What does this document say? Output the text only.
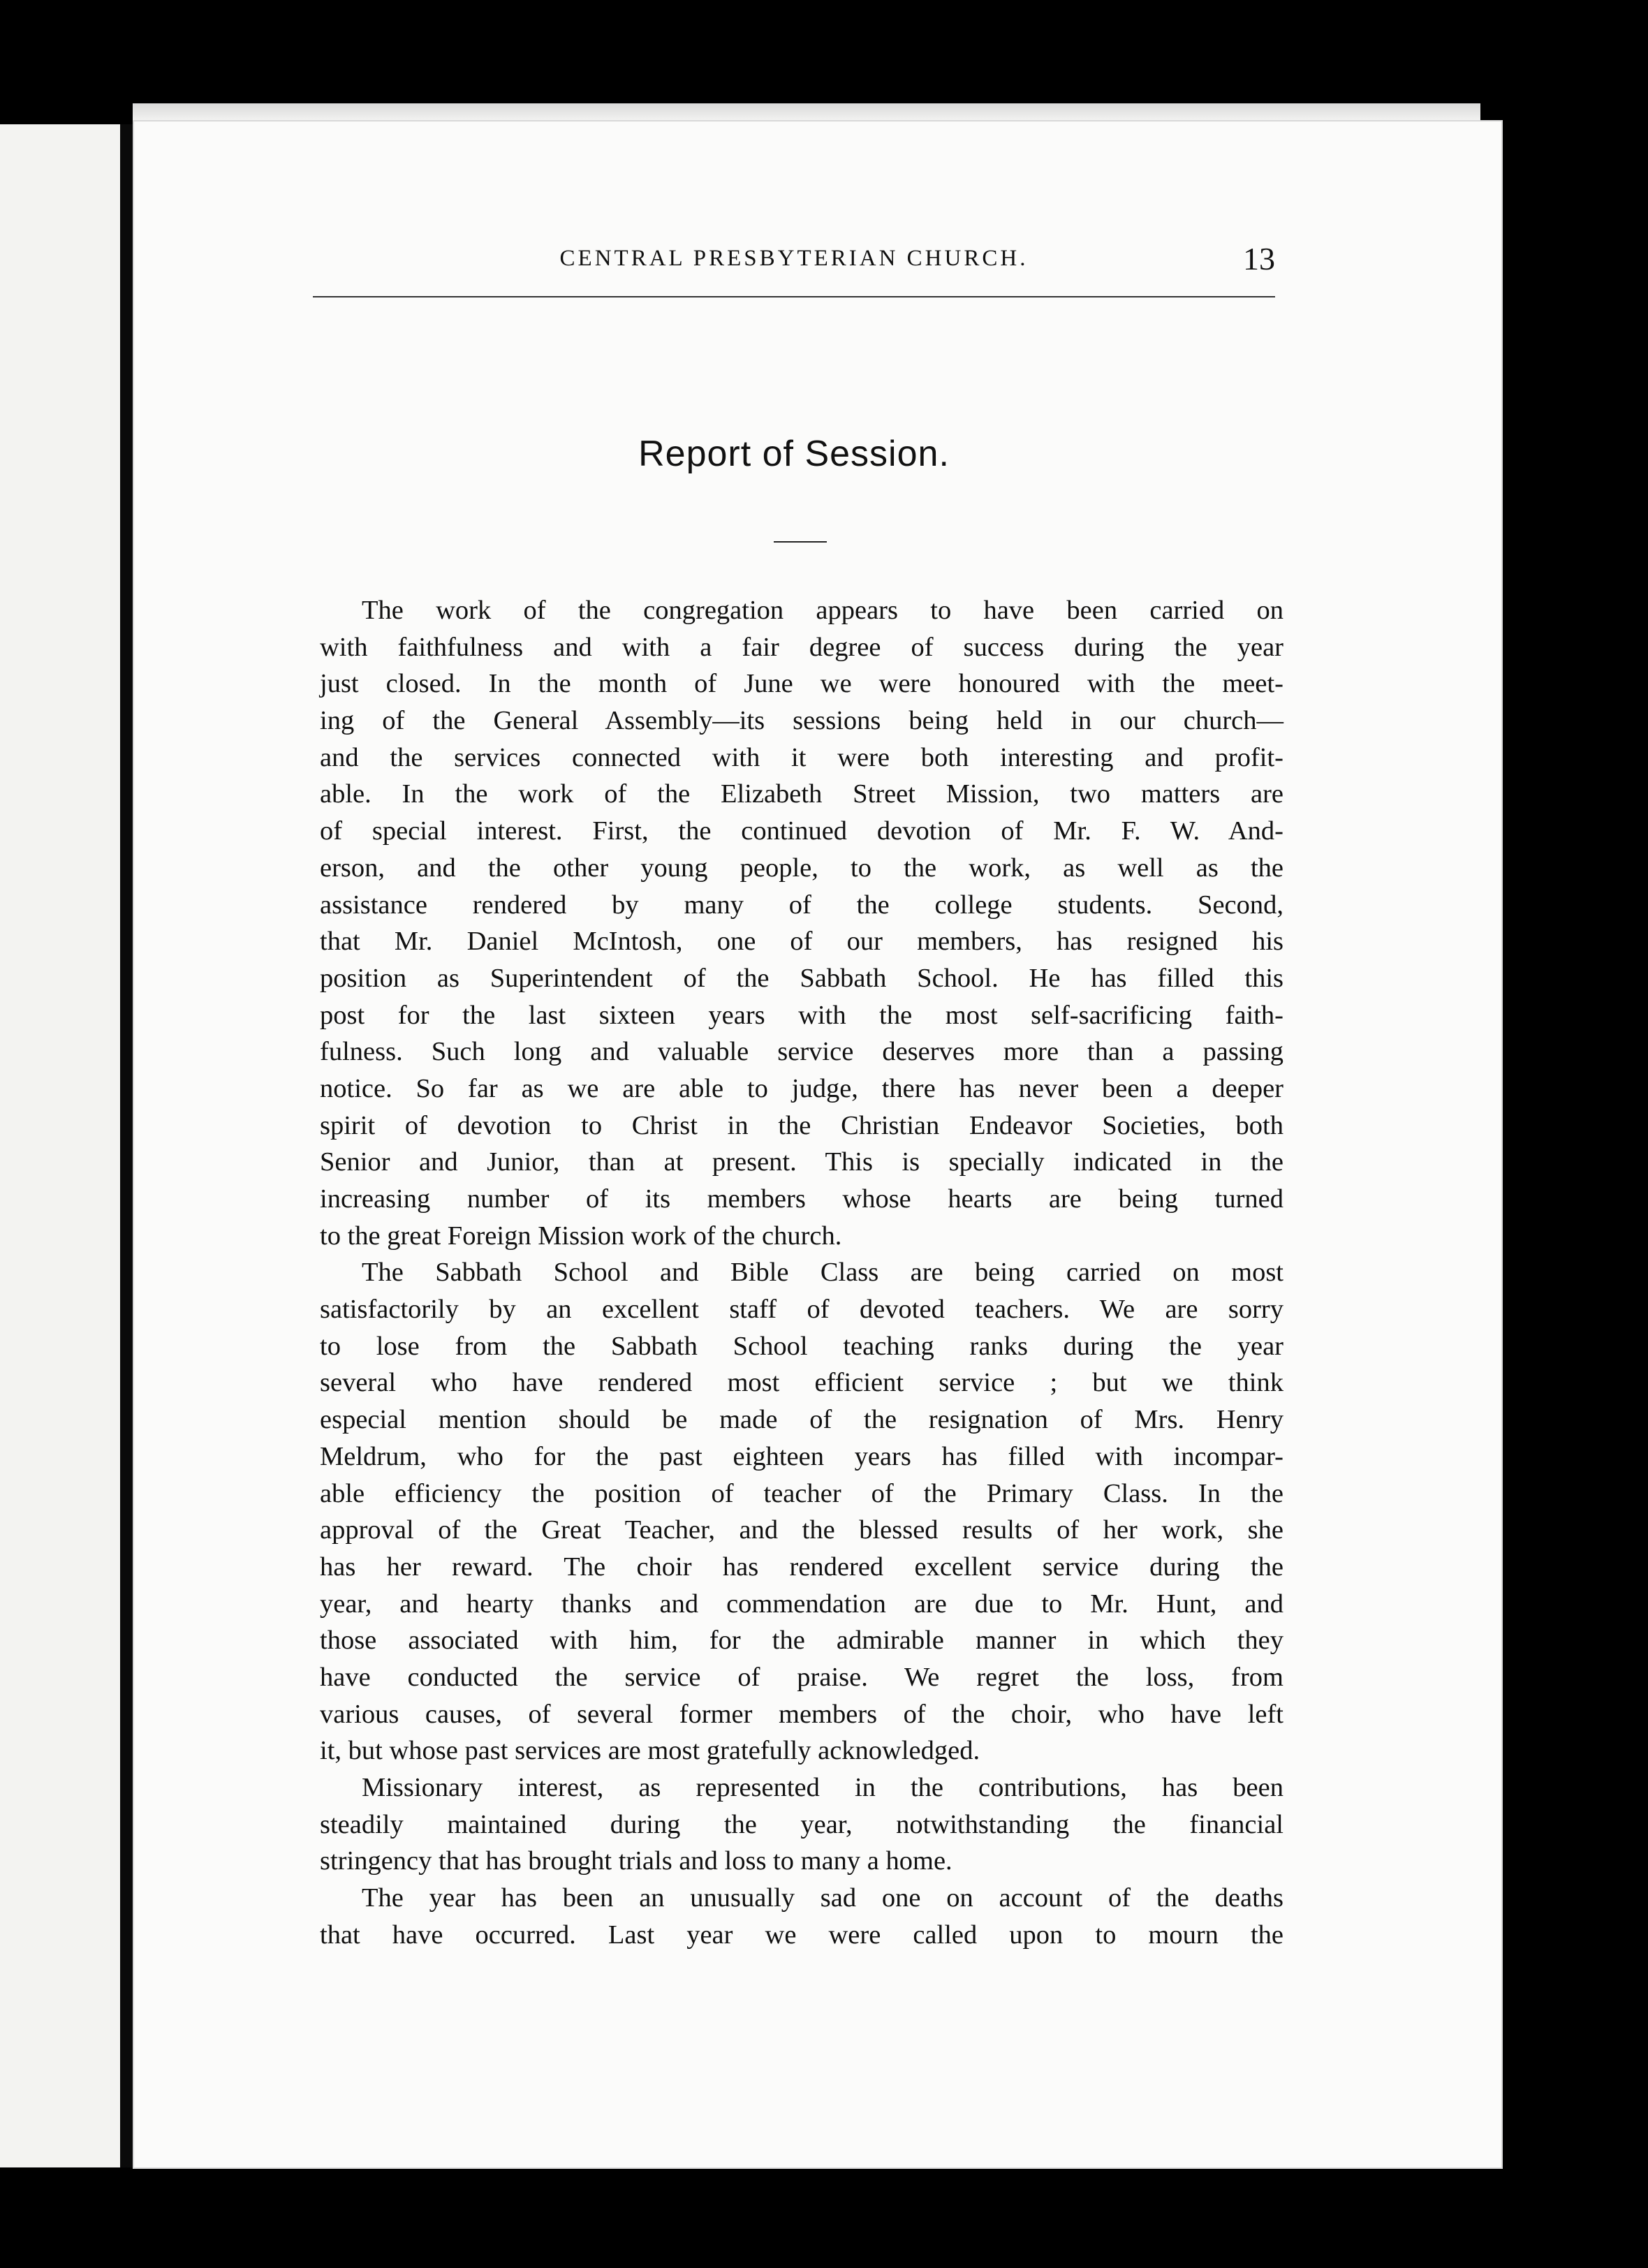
CENTRAL PRESBYTERIAN CHURCH.	13
Report of Session.
The work of the congregation appears to have been carried on
with faithfulness and with a fair degree of success during the year
just closed. In the month of June we were honoured with the meet-
ing of the General Assembly—its sessions being held in our church—
and the services connected with it were both interesting and profit-
able. In the work of the Elizabeth Street Mission, two matters are
of special interest. First, the continued devotion of Mr. F. W. And-
erson, and the other young people, to the work, as well as the
assistance rendered by many of the college students. Second,
that Mr. Daniel McIntosh, one of our members, has resigned his
position as Superintendent of the Sabbath School. He has filled this
post for the last sixteen years with the most self-sacrificing faith-
fulness. Such long and valuable service deserves more than a passing
notice. So far as we are able to judge, there has never been a deeper
spirit of devotion to Christ in the Christian Endeavor Societies, both
Senior and Junior, than at present. This is specially indicated in the
increasing number of its members whose hearts are being turned
to the great Foreign Mission work of the church.
The Sabbath School and Bible Class are being carried on most
satisfactorily by an excellent staff of devoted teachers. We are sorry
to lose from the Sabbath School teaching ranks during the year
several who have rendered most efficient service ; but we think
especial mention should be made of the resignation of Mrs. Henry
Meldrum, who for the past eighteen years has filled with incompar-
able efficiency the position of teacher of the Primary Class. In the
approval of the Great Teacher, and the blessed results of her work, she
has her reward. The choir has rendered excellent service during the
year, and hearty thanks and commendation are due to Mr. Hunt, and
those associated with him, for the admirable manner in which they
have conducted the service of praise. We regret the loss, from
various causes, of several former members of the choir, who have left
it, but whose past services are most gratefully acknowledged.
Missionary interest, as represented in the contributions, has been
steadily maintained during the year, notwithstanding the financial
stringency that has brought trials and loss to many a home.
The year has been an unusually sad one on account of the deaths
that have occurred. Last year we were called upon to mourn the
